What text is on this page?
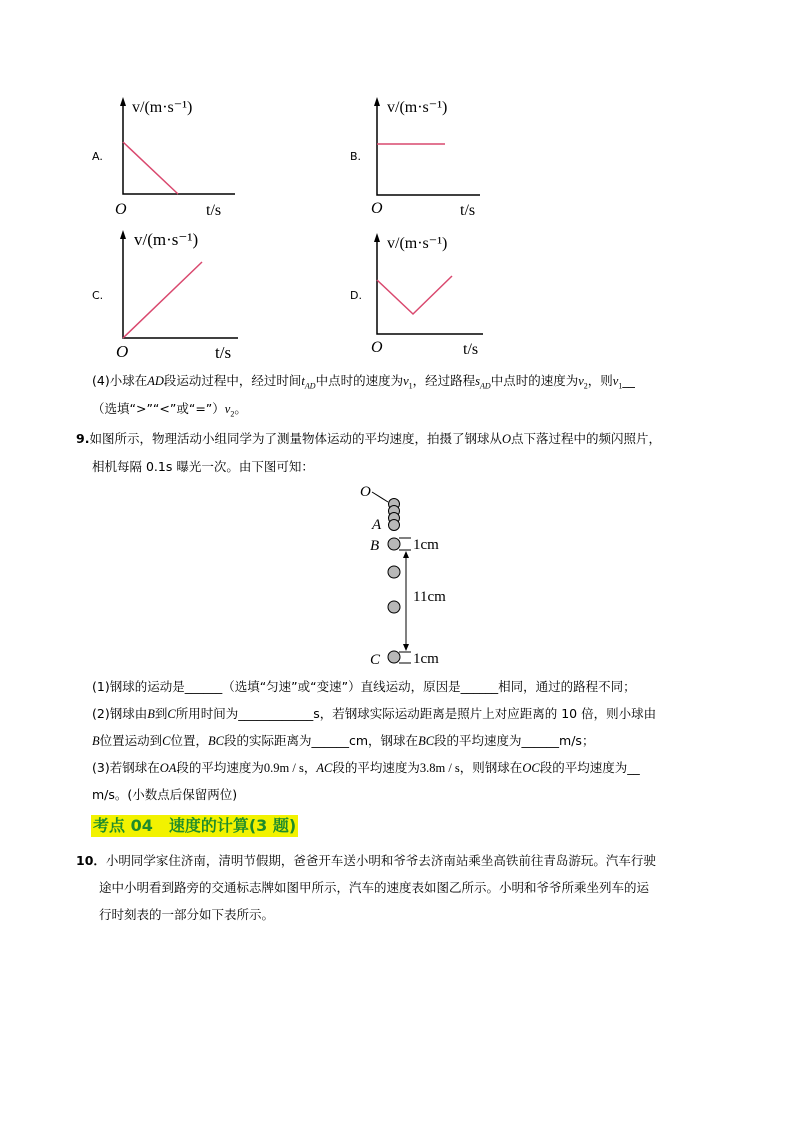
A.
v/(m·s⁻¹)
O	t/s
B.
v/(m·s⁻¹)
O	t/s
C.
v/(m·s⁻¹)
O	t/s
D.
v/(m·s⁻¹)
O	t/s
(4)小球在AD段运动过程中，经过时间$t_{AD}$中点时的速度为$v_1$，经过路程$s_{AD}$中点时的速度为$v_2$，则$v_1\_\_$
（选填“>”“<”或“$=”)v_2$。
9.如图所示，物理活动小组同学为了测量物体运动的平均速度，拍摄了钢球从O点下落过程中的频闪照片，
相机每隔 0.1s 曝光一次。由下图可知：
O
A
B 1cm
11cm
C 1cm
(1)钢球的运动是______（选填“匀速”或“变速”）直线运动，原因是______相同，通过的路程不同；
(2)钢球由B到C所用时间为____________s，若钢球实际运动距离是照片上对应距离的 10 倍，则小球由
B位置运动到C位置，BC段的实际距离为______cm，钢球在BC段的平均速度为______m/s；
(3)若钢球在OA段的平均速度为0.9m / s，AC段的平均速度为3.8m / s，则钢球在OC段的平均速度为__
m/s。(小数点后保留两位)
考点 04　速度的计算(3 题)
10．小明同学家住济南，清明节假期，爸爸开车送小明和爷爷去济南站乘坐高铁前往青岛游玩。汽车行驶
途中小明看到路旁的交通标志牌如图甲所示，汽车的速度表如图乙所示。小明和爷爷所乘坐列车的运
行时刻表的一部分如下表所示。
